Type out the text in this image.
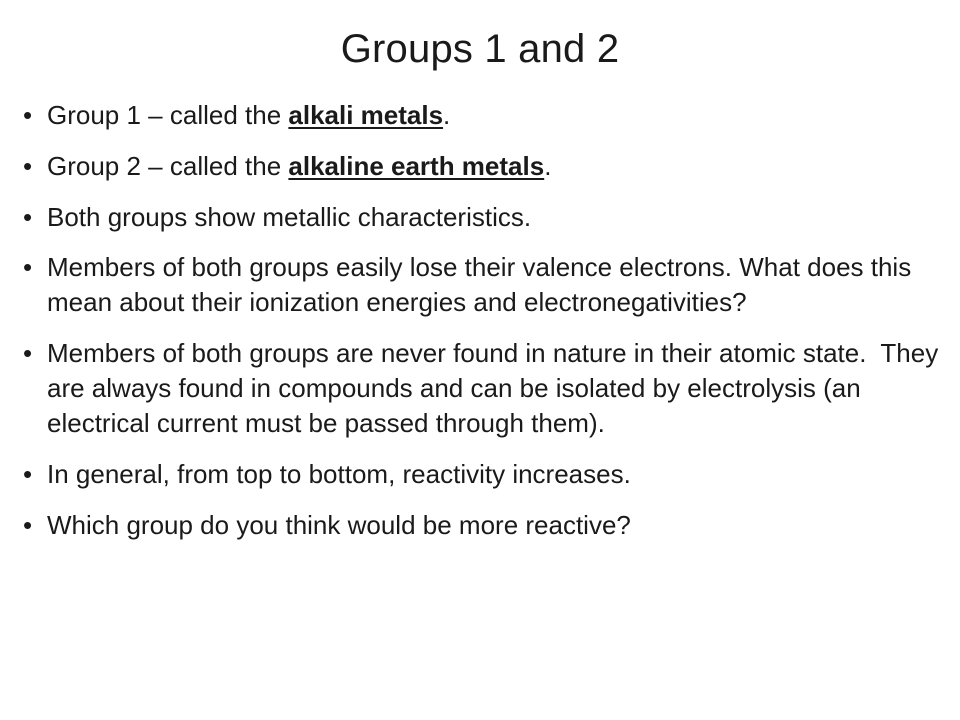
Groups 1 and 2
• Group 1 – called the alkali metals.
• Group 2 – called the alkaline earth metals.
• Both groups show metallic characteristics.
• Members of both groups easily lose their valence electrons. What does this mean about their ionization energies and electronegativities?
• Members of both groups are never found in nature in their atomic state.  They are always found in compounds and can be isolated by electrolysis (an electrical current must be passed through them).
• In general, from top to bottom, reactivity increases.
• Which group do you think would be more reactive?
